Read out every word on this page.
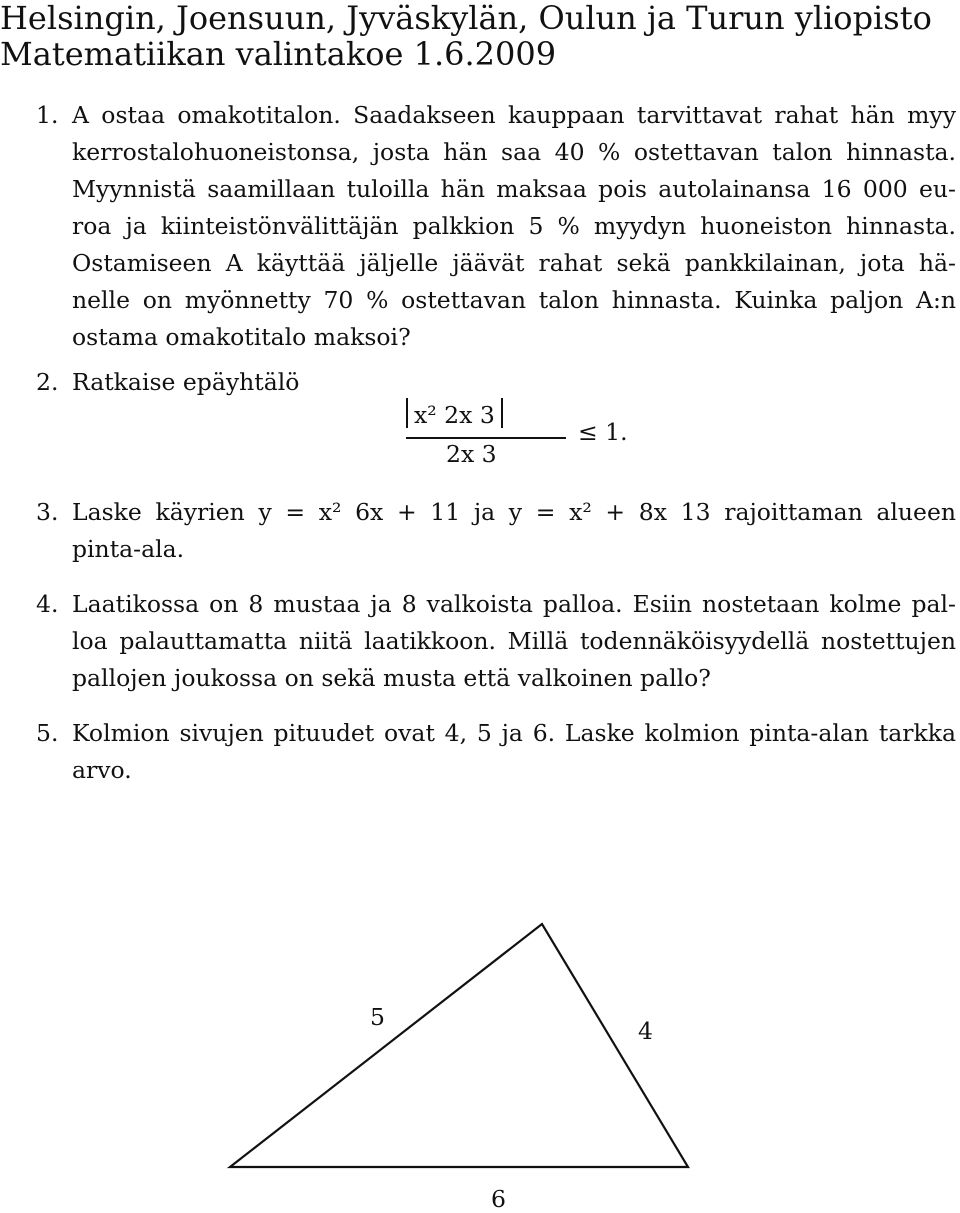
Helsingin, Joensuun, Jyväskylän, Oulun ja Turun yliopisto
Matematiikan valintakoe 1.6.2009
1. A ostaa omakotitalon. Saadakseen kauppaan tarvittavat rahat hän myy
kerrostalohuoneistonsa, josta hän saa 40 % ostettavan talon hinnasta.
Myynnistä saamillaan tuloilla hän maksaa pois autolainansa 16 000 eu-
roa ja kiinteistönvälittäjän palkkion 5 % myydyn huoneiston hinnasta.
Ostamiseen A käyttää jäljelle jäävät rahat sekä pankkilainan, jota hä-
nelle on myönnetty 70 % ostettavan talon hinnasta. Kuinka paljon A:n
ostama omakotitalo maksoi?
2. Ratkaise epäyhtälö
x² 2x 3
2x 3
≤ 1.
3. Laske käyrien y = x² 6x + 11 ja y = x² + 8x 13 rajoittaman alueen
pinta-ala.
4. Laatikossa on 8 mustaa ja 8 valkoista palloa. Esiin nostetaan kolme pal-
loa palauttamatta niitä laatikkoon. Millä todennäköisyydellä nostettujen
pallojen joukossa on sekä musta että valkoinen pallo?
5. Kolmion sivujen pituudet ovat 4, 5 ja 6. Laske kolmion pinta-alan tarkka
arvo.
5	4
6
